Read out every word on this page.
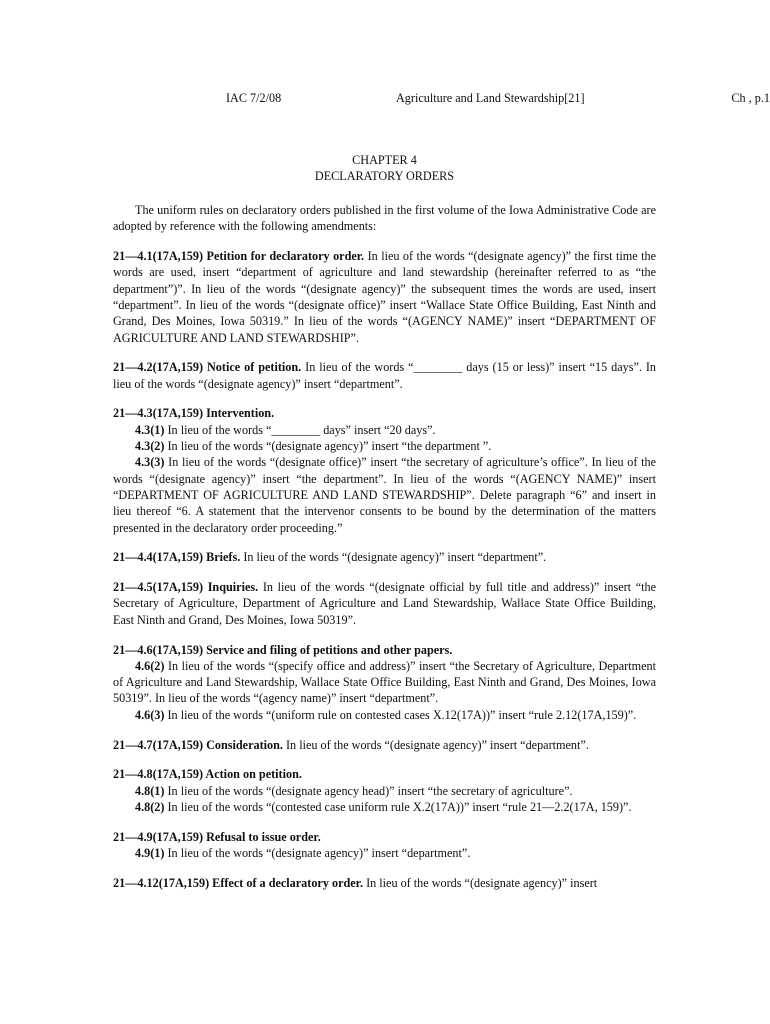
IAC 7/2/08	Agriculture and Land Stewardship[21]	Ch , p.1
CHAPTER 4
DECLARATORY ORDERS

The uniform rules on declaratory orders published in the first volume of the Iowa Administrative Code are adopted by reference with the following amendments:

21—4.1(17A,159) Petition for declaratory order. In lieu of the words “(designate agency)” the first time the words are used, insert “department of agriculture and land stewardship (hereinafter referred to as “the department”)”. In lieu of the words “(designate agency)” the subsequent times the words are used, insert “department”. In lieu of the words “(designate office)” insert “Wallace State Office Building, East Ninth and Grand, Des Moines, Iowa 50319.” In lieu of the words “(AGENCY NAME)” insert “DEPARTMENT OF AGRICULTURE AND LAND STEWARDSHIP”.

21—4.2(17A,159) Notice of petition. In lieu of the words “________ days (15 or less)” insert “15 days”. In lieu of the words “(designate agency)” insert “department”.

21—4.3(17A,159) Intervention.
4.3(1) In lieu of the words “________ days” insert “20 days”.
4.3(2) In lieu of the words “(designate agency)” insert “the department ”.
4.3(3) In lieu of the words “(designate office)” insert “the secretary of agriculture’s office”. In lieu of the words “(designate agency)” insert “the department”. In lieu of the words “(AGENCY NAME)” insert “DEPARTMENT OF AGRICULTURE AND LAND STEWARDSHIP”. Delete paragraph “6” and insert in lieu thereof “6. A statement that the intervenor consents to be bound by the determination of the matters presented in the declaratory order proceeding.”

21—4.4(17A,159) Briefs. In lieu of the words “(designate agency)” insert “department”.

21—4.5(17A,159) Inquiries. In lieu of the words “(designate official by full title and address)” insert “the Secretary of Agriculture, Department of Agriculture and Land Stewardship, Wallace State Office Building, East Ninth and Grand, Des Moines, Iowa 50319”.

21—4.6(17A,159) Service and filing of petitions and other papers.
4.6(2) In lieu of the words “(specify office and address)” insert “the Secretary of Agriculture, Department of Agriculture and Land Stewardship, Wallace State Office Building, East Ninth and Grand, Des Moines, Iowa 50319”. In lieu of the words “(agency name)” insert “department”.
4.6(3) In lieu of the words “(uniform rule on contested cases X.12(17A))” insert “rule 2.12(17A,159)”.

21—4.7(17A,159) Consideration. In lieu of the words “(designate agency)” insert “department”.

21—4.8(17A,159) Action on petition.
4.8(1) In lieu of the words “(designate agency head)” insert “the secretary of agriculture”.
4.8(2) In lieu of the words “(contested case uniform rule X.2(17A))” insert “rule 21—2.2(17A, 159)”.
21—4.9(17A,159) Refusal to issue order.
4.9(1) In lieu of the words “(designate agency)” insert “department”.

21—4.12(17A,159) Effect of a declaratory order. In lieu of the words “(designate agency)” insert
